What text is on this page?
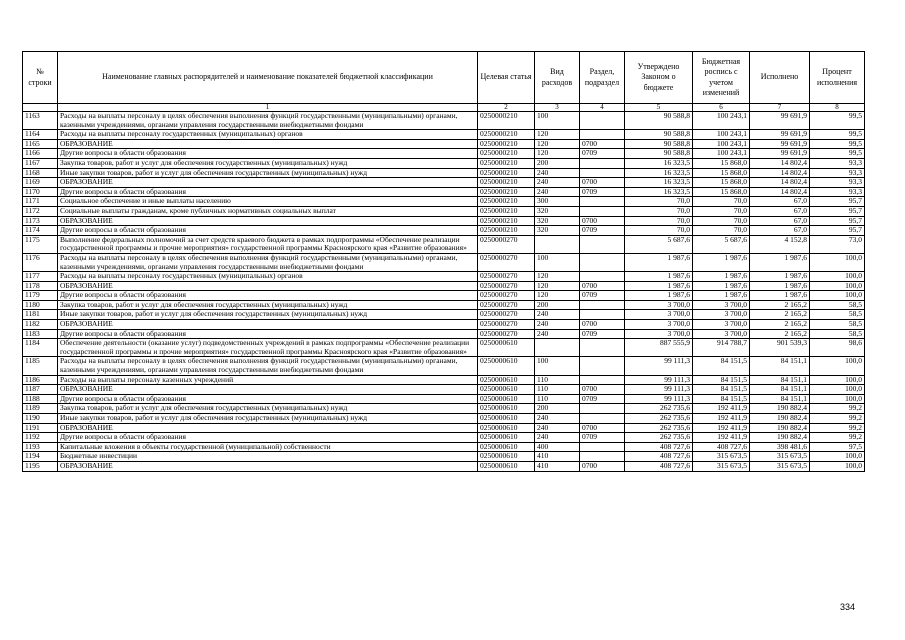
№ строки	Наименование главных распорядителей и наименование показателей бюджетной классификации	Целевая статья	Вид расходов	Раздел, подраздел	Утверждено Законом о бюджете	Бюджетная роспись с учетом изменений	Исполнено	Процент исполнения
	1	2	3	4	5	6	7	8
1163	Расходы на выплаты персоналу в целях обеспечения выполнения функций государственными (муниципальными) органами, казенными учреждениями, органами управления государственными внебюджетными фондами	0250000210	100		90 588,8	100 243,1	99 691,9	99,5
1164	Расходы на выплаты персоналу государственных (муниципальных) органов	0250000210	120		90 588,8	100 243,1	99 691,9	99,5
1165	ОБРАЗОВАНИЕ	0250000210	120	0700	90 588,8	100 243,1	99 691,9	99,5
1166	Другие вопросы в области образования	0250000210	120	0709	90 588,8	100 243,1	99 691,9	99,5
1167	Закупка товаров, работ и услуг для обеспечения государственных (муниципальных) нужд	0250000210	200		16 323,5	15 868,0	14 802,4	93,3
1168	Иные закупки товаров, работ и услуг для обеспечения государственных (муниципальных) нужд	0250000210	240		16 323,5	15 868,0	14 802,4	93,3
1169	ОБРАЗОВАНИЕ	0250000210	240	0700	16 323,5	15 868,0	14 802,4	93,3
1170	Другие вопросы в области образования	0250000210	240	0709	16 323,5	15 868,0	14 802,4	93,3
1171	Социальное обеспечение и иные выплаты населению	0250000210	300		70,0	70,0	67,0	95,7
1172	Социальные выплаты гражданам, кроме публичных нормативных социальных выплат	0250000210	320		70,0	70,0	67,0	95,7
1173	ОБРАЗОВАНИЕ	0250000210	320	0700	70,0	70,0	67,0	95,7
1174	Другие вопросы в области образования	0250000210	320	0709	70,0	70,0	67,0	95,7
1175	Выполнение федеральных полномочий за счет средств краевого бюджета в рамках подпрограммы «Обеспечение реализации государственной программы и прочие мероприятия» государственной программы Красноярского края «Развитие образования»	0250000270			5 687,6	5 687,6	4 152,8	73,0
1176	Расходы на выплаты персоналу в целях обеспечения выполнения функций государственными (муниципальными) органами, казенными учреждениями, органами управления государственными внебюджетными фондами	0250000270	100		1 987,6	1 987,6	1 987,6	100,0
1177	Расходы на выплаты персоналу государственных (муниципальных) органов	0250000270	120		1 987,6	1 987,6	1 987,6	100,0
1178	ОБРАЗОВАНИЕ	0250000270	120	0700	1 987,6	1 987,6	1 987,6	100,0
1179	Другие вопросы в области образования	0250000270	120	0709	1 987,6	1 987,6	1 987,6	100,0
1180	Закупка товаров, работ и услуг для обеспечения государственных (муниципальных) нужд	0250000270	200		3 700,0	3 700,0	2 165,2	58,5
1181	Иные закупки товаров, работ и услуг для обеспечения государственных (муниципальных) нужд	0250000270	240		3 700,0	3 700,0	2 165,2	58,5
1182	ОБРАЗОВАНИЕ	0250000270	240	0700	3 700,0	3 700,0	2 165,2	58,5
1183	Другие вопросы в области образования	0250000270	240	0709	3 700,0	3 700,0	2 165,2	58,5
1184	Обеспечение деятельности (оказание услуг) подведомственных учреждений в рамках подпрограммы «Обеспечение реализации государственной программы и прочие мероприятия» государственной программы Красноярского края «Развитие образования»	0250000610			887 555,9	914 788,7	901 539,3	98,6
1185	Расходы на выплаты персоналу в целях обеспечения выполнения функций государственными (муниципальными) органами, казенными учреждениями, органами управления государственными внебюджетными фондами	0250000610	100		99 111,3	84 151,5	84 151,1	100,0
1186	Расходы на выплаты персоналу казенных учреждений	0250000610	110		99 111,3	84 151,5	84 151,1	100,0
1187	ОБРАЗОВАНИЕ	0250000610	110	0700	99 111,3	84 151,5	84 151,1	100,0
1188	Другие вопросы в области образования	0250000610	110	0709	99 111,3	84 151,5	84 151,1	100,0
1189	Закупка товаров, работ и услуг для обеспечения государственных (муниципальных) нужд	0250000610	200		262 735,6	192 411,9	190 882,4	99,2
1190	Иные закупки товаров, работ и услуг для обеспечения государственных (муниципальных) нужд	0250000610	240		262 735,6	192 411,9	190 882,4	99,2
1191	ОБРАЗОВАНИЕ	0250000610	240	0700	262 735,6	192 411,9	190 882,4	99,2
1192	Другие вопросы в области образования	0250000610	240	0709	262 735,6	192 411,9	190 882,4	99,2
1193	Капитальные вложения в объекты государственной (муниципальной) собственности	0250000610	400		408 727,6	408 727,6	398 481,6	97,5
1194	Бюджетные инвестиции	0250000610	410		408 727,6	315 673,5	315 673,5	100,0
1195	ОБРАЗОВАНИЕ	0250000610	410	0700	408 727,6	315 673,5	315 673,5	100,0
334
